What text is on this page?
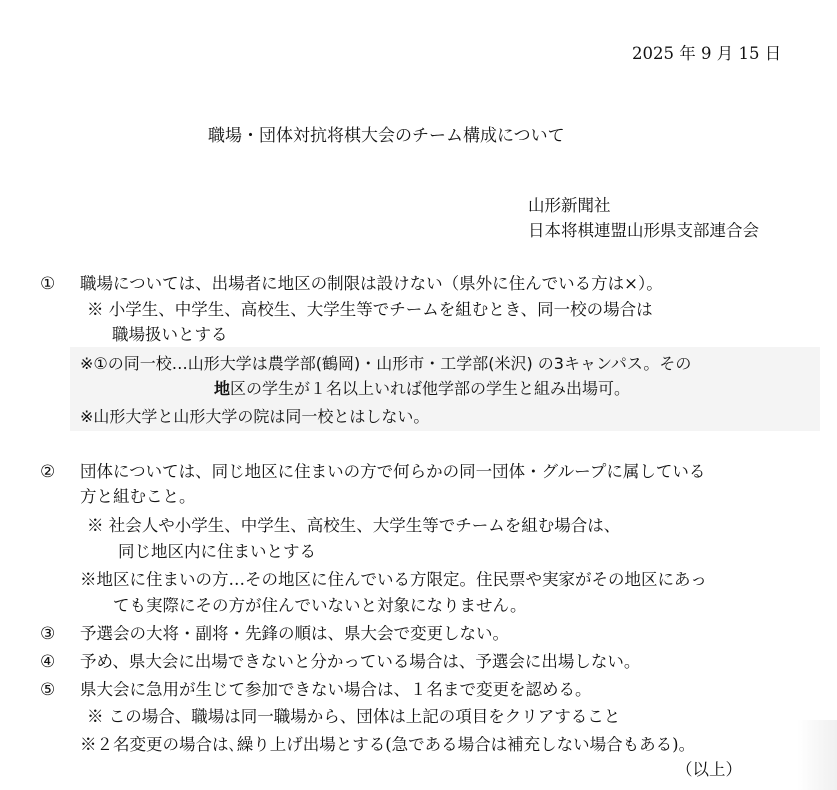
2025 年 9 月 15 日
職場・団体対抗将棋大会のチーム構成について
山形新聞社
日本将棋連盟山形県支部連合会
① 職場については、出場者に地区の制限は設けない（県外に住んでいる方は×）。
※ 小学生、中学生、高校生、大学生等でチームを組むとき、同一校の場合は
職場扱いとする
※①の同一校…山形大学は農学部(鶴岡)・山形市・工学部(米沢) の3キャンパス。その
地区の学生が１名以上いれば他学部の学生と組み出場可。
※山形大学と山形大学の院は同一校とはしない。
② 団体については、同じ地区に住まいの方で何らかの同一団体・グループに属している
方と組むこと。
※ 社会人や小学生、中学生、高校生、大学生等でチームを組む場合は、
同じ地区内に住まいとする
※地区に住まいの方…その地区に住んでいる方限定。住民票や実家がその地区にあっ
ても実際にその方が住んでいないと対象になりません。
③ 予選会の大将・副将・先鋒の順は、県大会で変更しない。
④ 予め、県大会に出場できないと分かっている場合は、予選会に出場しない。
⑤ 県大会に急用が生じて参加できない場合は、１名まで変更を認める。
※ この場合、職場は同一職場から、団体は上記の項目をクリアすること
※２名変更の場合は､繰り上げ出場とする(急である場合は補充しない場合もある)。
（以上）
